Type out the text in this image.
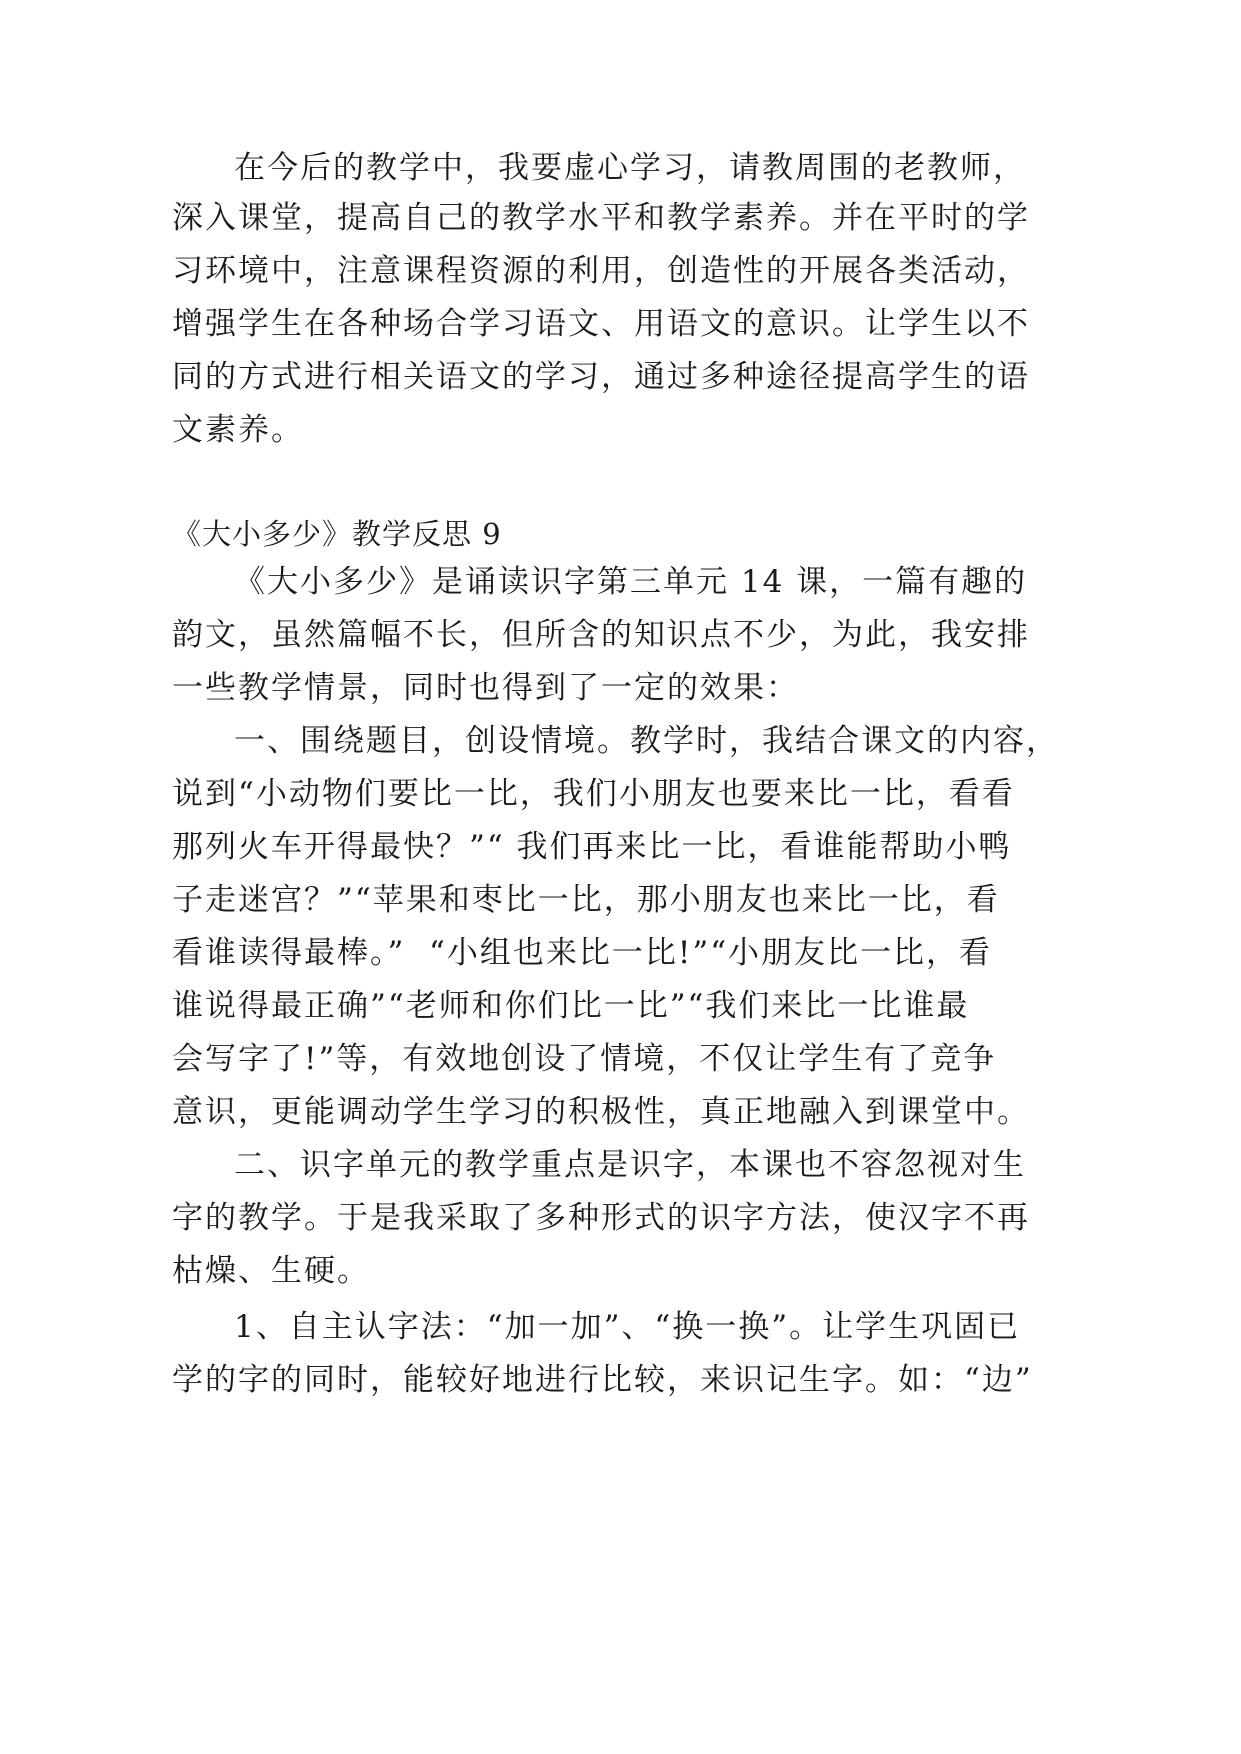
在今后的教学中，我要虚心学习，请教周围的老教师，
深入课堂，提高自己的教学水平和教学素养。并在平时的学
习环境中，注意课程资源的利用，创造性的开展各类活动，
增强学生在各种场合学习语文、用语文的意识。让学生以不
同的方式进行相关语文的学习，通过多种途径提高学生的语
文素养。
《大小多少》教学反思 9
《大小多少》是诵读识字第三单元 14 课，一篇有趣的
韵文，虽然篇幅不长，但所含的知识点不少，为此，我安排
一些教学情景，同时也得到了一定的效果：
一、围绕题目，创设情境。教学时，我结合课文的内容，
说到“小动物们要比一比，我们小朋友也要来比一比，看看
那列火车开得最快？”“ 我们再来比一比，看谁能帮助小鸭
子走迷宫？”“苹果和枣比一比，那小朋友也来比一比，看
看谁读得最棒。”  “小组也来比一比!”“小朋友比一比，看
谁说得最正确”“老师和你们比一比”“我们来比一比谁最
会写字了!”等，有效地创设了情境，不仅让学生有了竞争
意识，更能调动学生学习的积极性，真正地融入到课堂中。
二、识字单元的教学重点是识字，本课也不容忽视对生
字的教学。于是我采取了多种形式的识字方法，使汉字不再
枯燥、生硬。
1、自主认字法：“加一加”、“换一换”。让学生巩固已
学的字的同时，能较好地进行比较，来识记生字。如：“边”
